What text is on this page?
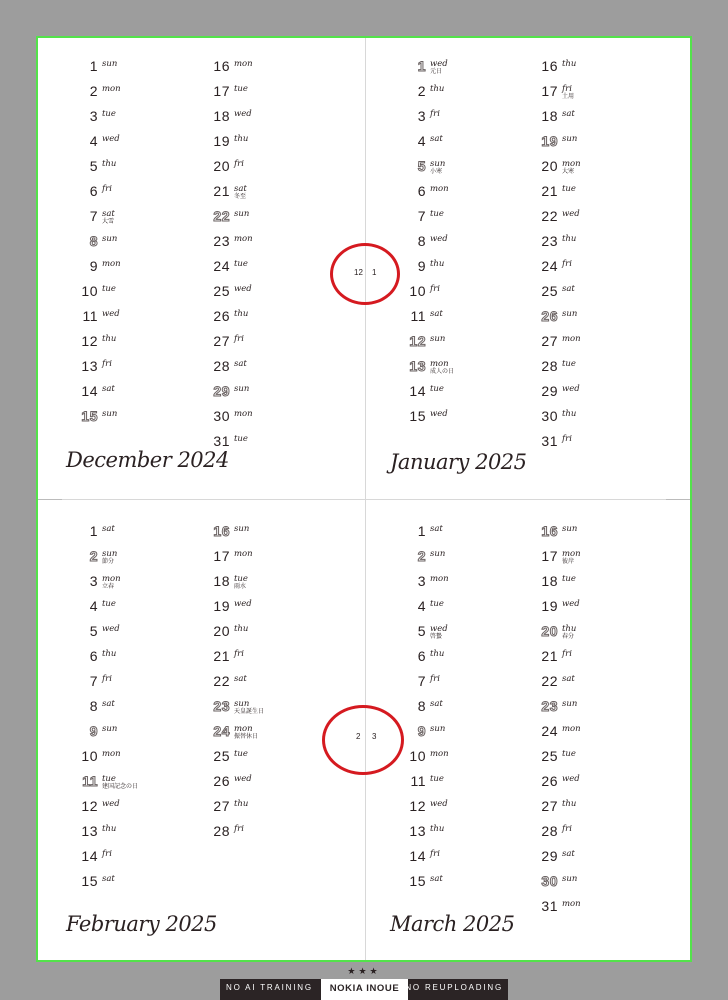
1 sun
2 mon
3 tue
4 wed
5 thu
6 fri
7 sat
大雪
8 sun
9 mon
10 tue
11 wed
12 thu
13 fri
14 sat
15 sun
16 mon
17 tue
18 wed
19 thu
20 fri
21 sat
冬至
22 sun
23 mon
24 tue
25 wed
26 thu
27 fri
28 sat
29 sun
30 mon
31 tue
1 wed
元日
2 thu
3 fri
4 sat
5 sun
小寒
6 mon
7 tue
8 wed
9 thu
10 fri
11 sat
12 sun
13 mon
成人の日
14 tue
15 wed
16 thu
17 fri
土用
18 sat
19 sun
20 mon
大寒
21 tue
22 wed
23 thu
24 fri
25 sat
26 sun
27 mon
28 tue
29 wed
30 thu
31 fri
1 sat
2 sun
節分
3 mon
立春
4 tue
5 wed
6 thu
7 fri
8 sat
9 sun
10 mon
11 tue
建国記念の日
12 wed
13 thu
14 fri
15 sat
16 sun
17 mon
18 tue
雨水
19 wed
20 thu
21 fri
22 sat
23 sun
天皇誕生日
24 mon
振替休日
25 tue
26 wed
27 thu
28 fri
1 sat
2 sun
3 mon
4 tue
5 wed
啓蟄
6 thu
7 fri
8 sat
9 sun
10 mon
11 tue
12 wed
13 thu
14 fri
15 sat
16 sun
17 mon
彼岸
18 tue
19 wed
20 thu
春分
21 fri
22 sat
23 sun
24 mon
25 tue
26 wed
27 thu
28 fri
29 sat
30 sun
31 mon
December 2024	January 2025
February 2025	March 2025
12 1
2 3
★★★
NO AI TRAINING	NOKIA INOUE NO REUPLOADING
